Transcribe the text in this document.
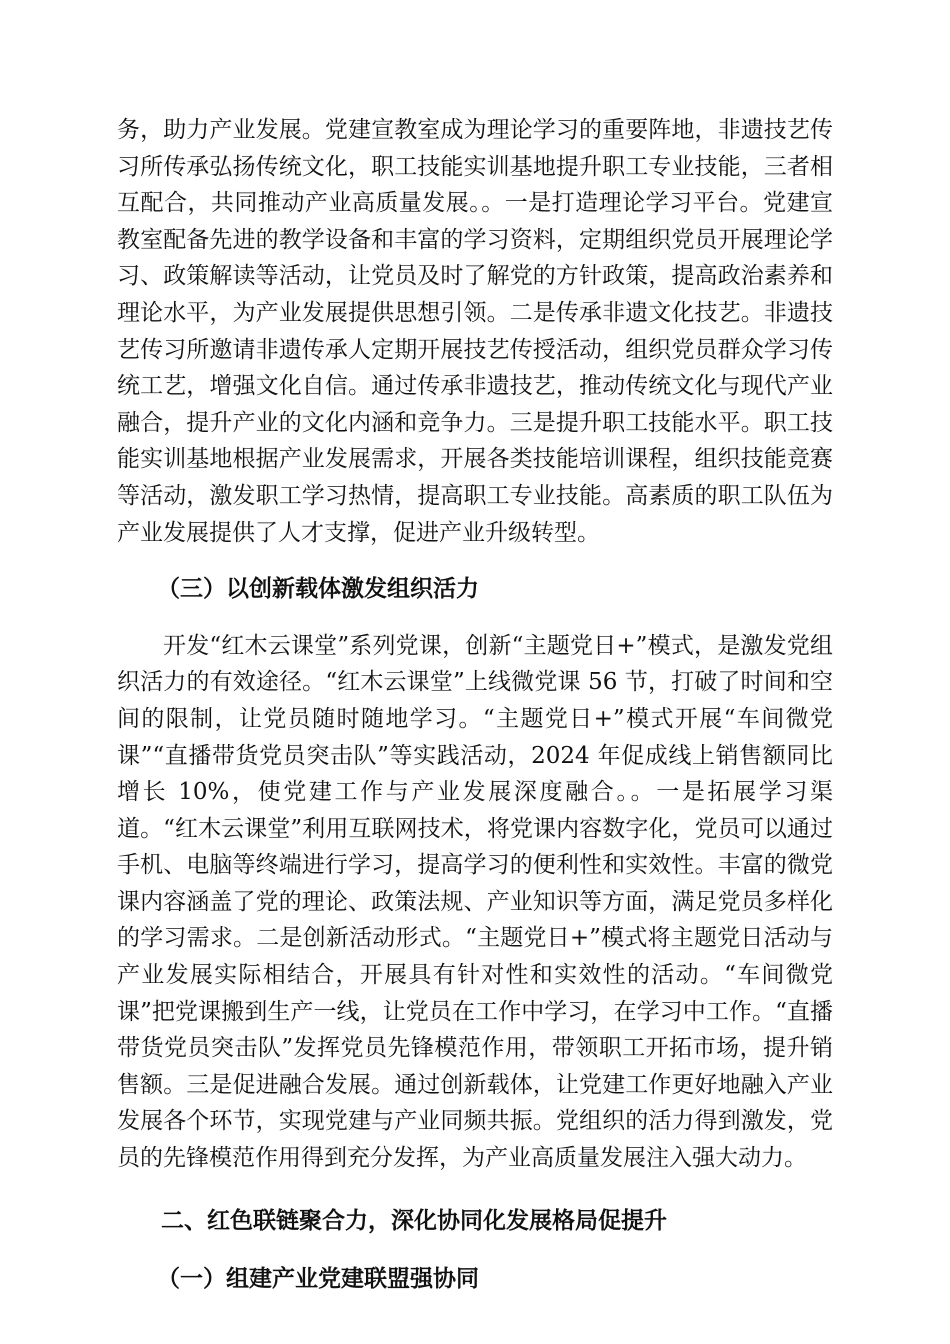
务，助力产业发展。党建宣教室成为理论学习的重要阵地，非遗技艺传习所传承弘扬传统文化，职工技能实训基地提升职工专业技能，三者相互配合，共同推动产业高质量发展。。一是打造理论学习平台。党建宣教室配备先进的教学设备和丰富的学习资料，定期组织党员开展理论学习、政策解读等活动，让党员及时了解党的方针政策，提高政治素养和理论水平，为产业发展提供思想引领。二是传承非遗文化技艺。非遗技艺传习所邀请非遗传承人定期开展技艺传授活动，组织党员群众学习传统工艺，增强文化自信。通过传承非遗技艺，推动传统文化与现代产业融合，提升产业的文化内涵和竞争力。三是提升职工技能水平。职工技能实训基地根据产业发展需求，开展各类技能培训课程，组织技能竞赛等活动，激发职工学习热情，提高职工专业技能。高素质的职工队伍为产业发展提供了人才支撑，促进产业升级转型。

（三）以创新载体激发组织活力

开发“红木云课堂”系列党课，创新“主题党日+”模式，是激发党组织活力的有效途径。“红木云课堂”上线微党课 56 节，打破了时间和空间的限制，让党员随时随地学习。“主题党日+”模式开展“车间微党课”“直播带货党员突击队”等实践活动，2024 年促成线上销售额同比增长 10%，使党建工作与产业发展深度融合。。一是拓展学习渠道。“红木云课堂”利用互联网技术，将党课内容数字化，党员可以通过手机、电脑等终端进行学习，提高学习的便利性和实效性。丰富的微党课内容涵盖了党的理论、政策法规、产业知识等方面，满足党员多样化的学习需求。二是创新活动形式。“主题党日+”模式将主题党日活动与产业发展实际相结合，开展具有针对性和实效性的活动。“车间微党课”把党课搬到生产一线，让党员在工作中学习，在学习中工作。“直播带货党员突击队”发挥党员先锋模范作用，带领职工开拓市场，提升销售额。三是促进融合发展。通过创新载体，让党建工作更好地融入产业发展各个环节，实现党建与产业同频共振。党组织的活力得到激发，党员的先锋模范作用得到充分发挥，为产业高质量发展注入强大动力。

二、红色联链聚合力，深化协同化发展格局促提升

（一）组建产业党建联盟强协同
